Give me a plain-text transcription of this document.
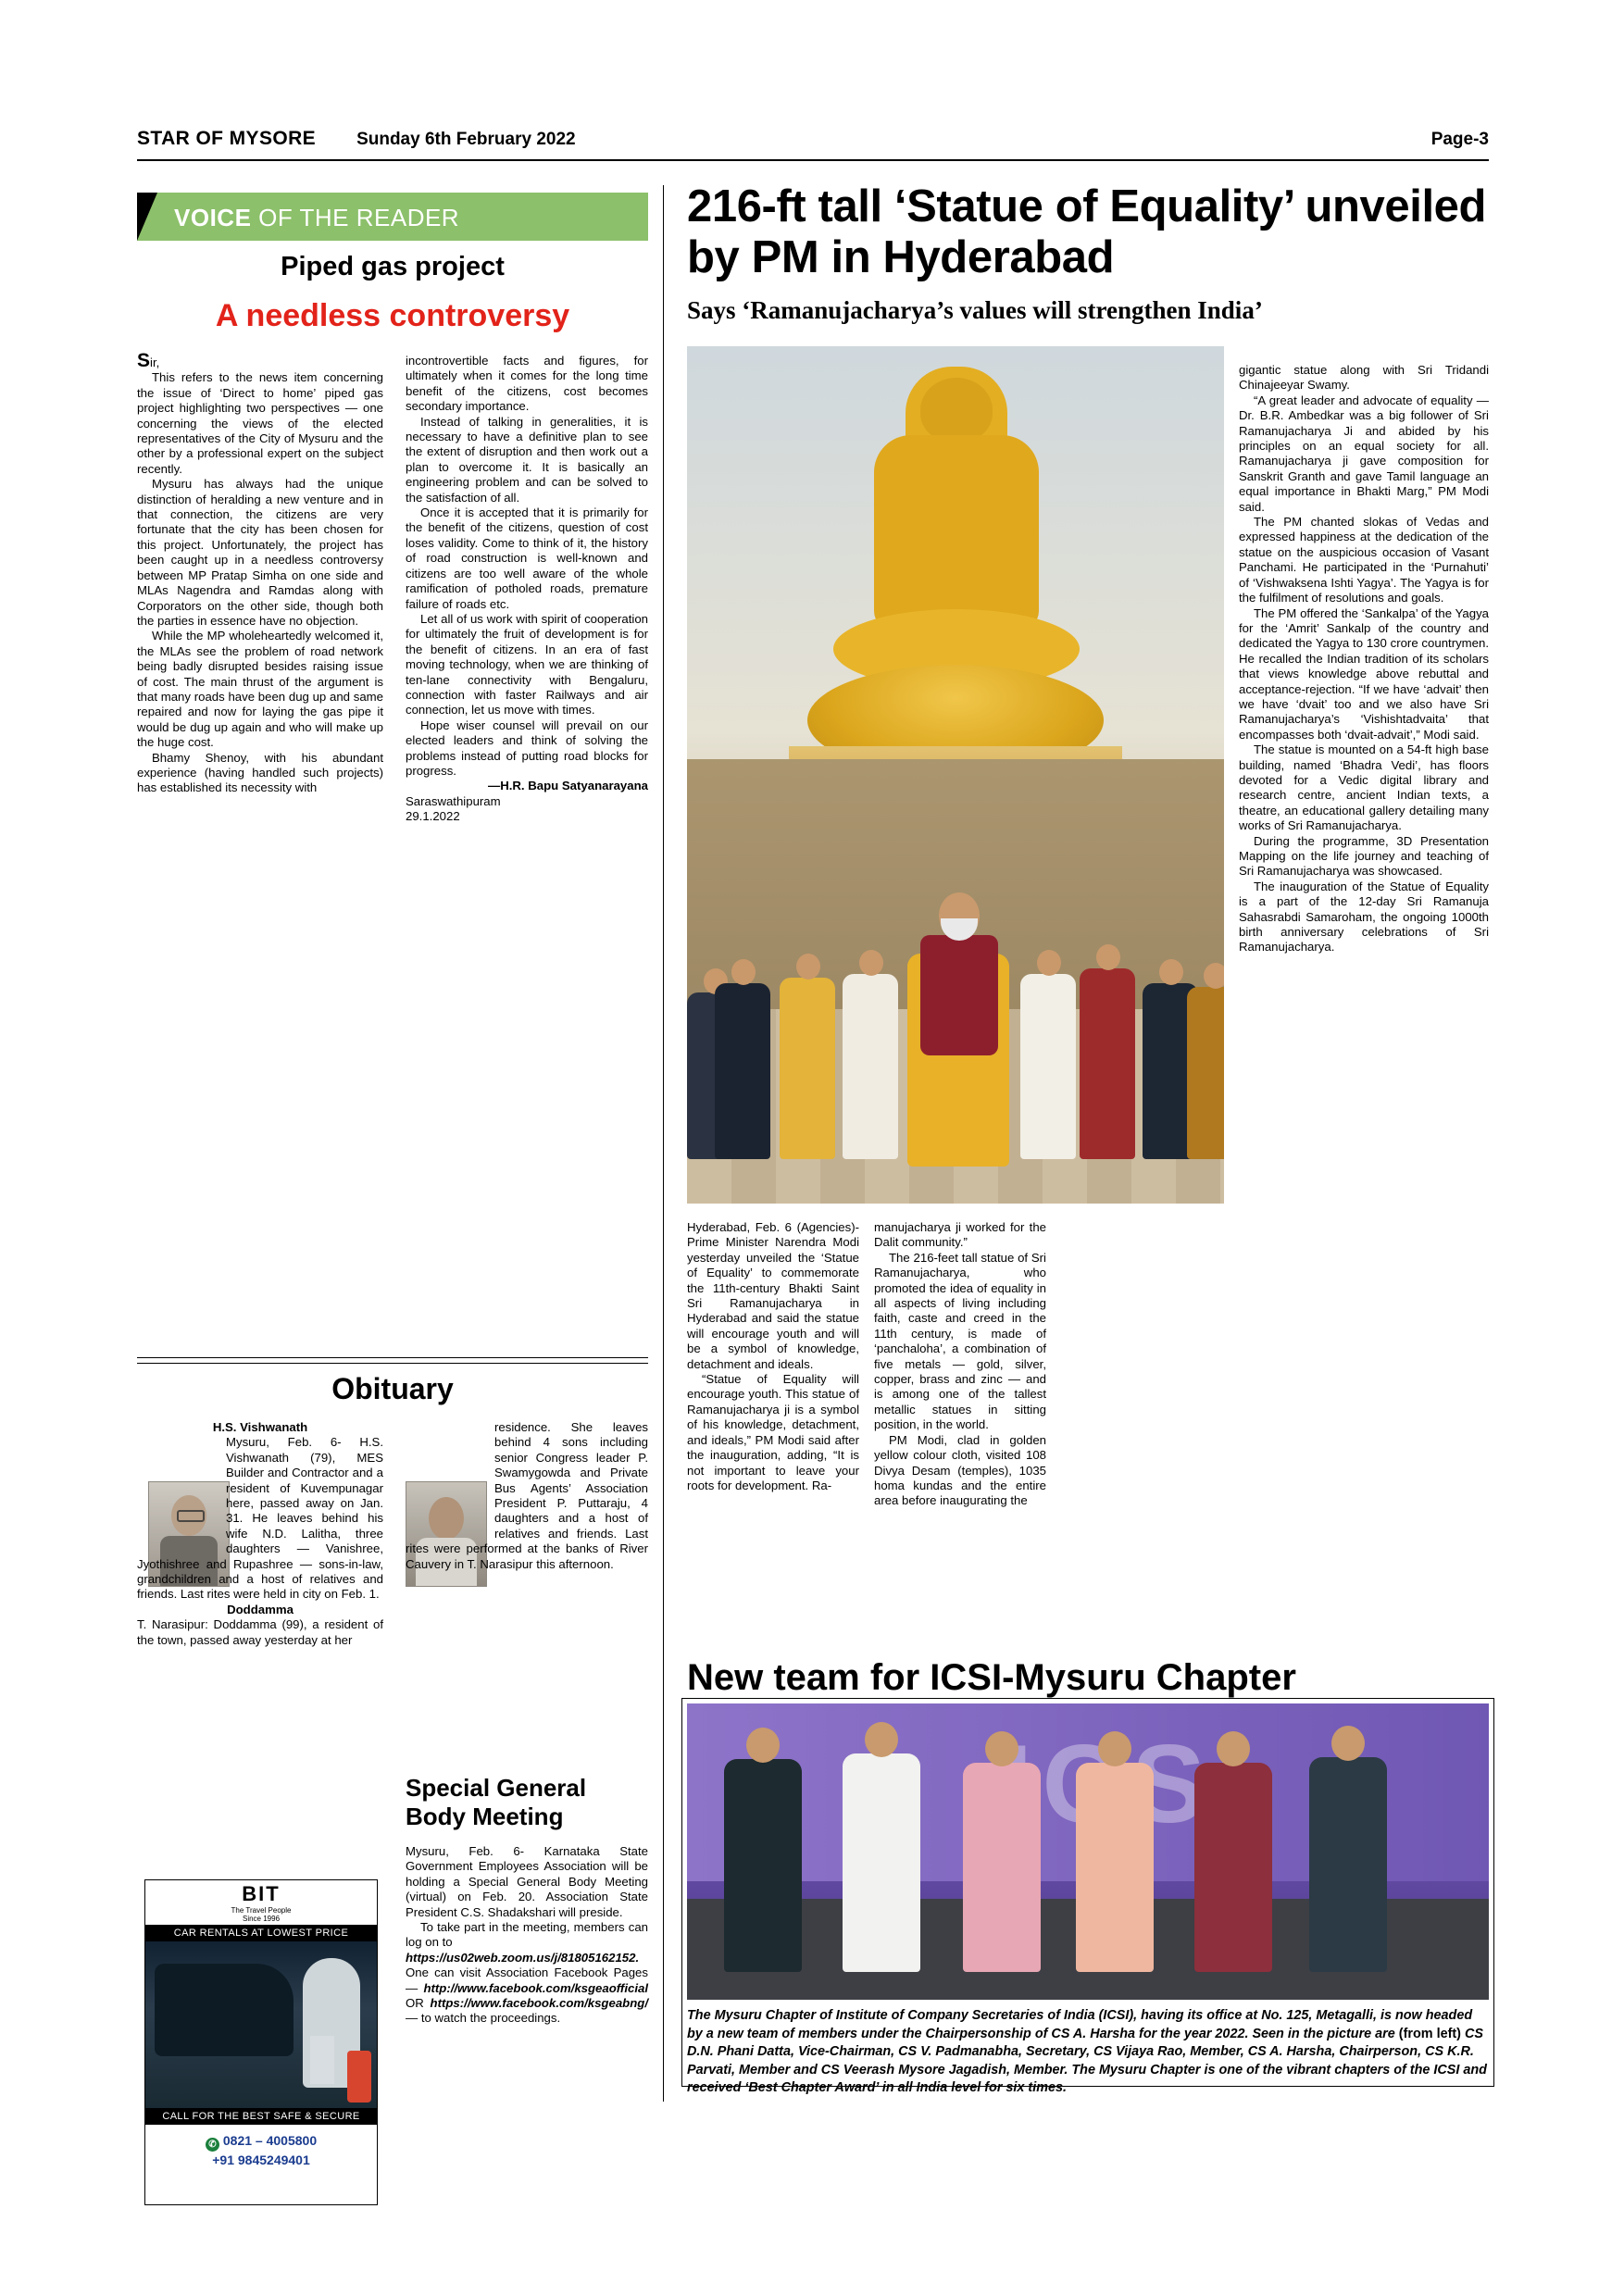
STAR OF MYSORE Sunday 6th February 2022	Page-3
VOICE OF THE READER
Piped gas project
A needless controversy

Sir,

This refers to the news item concerning the issue of ‘Direct to home’ piped gas project highlighting two perspectives — one concerning the views of the elected representatives of the City of Mysuru and the other by a professional expert on the subject recently.

Mysuru has always had the unique distinction of heralding a new venture and in that connection, the citizens are very fortunate that the city has been chosen for this project. Unfortunately, the project has been caught up in a needless controversy between MP Pratap Simha on one side and MLAs Nagendra and Ramdas along with Corporators on the other side, though both the parties in essence have no objection.

While the MP wholeheartedly welcomed it, the MLAs see the problem of road network being badly disrupted besides raising issue of cost. The main thrust of the argument is that many roads have been dug up and same repaired and now for laying the gas pipe it would be dug up again and who will make up the huge cost.

Bhamy Shenoy, with his abundant experience (having handled such projects) has established its necessity with

incontrovertible facts and figures, for ultimately when it comes for the long time benefit of the citizens, cost becomes secondary importance.

Instead of talking in generalities, it is necessary to have a definitive plan to see the extent of disruption and then work out a plan to overcome it. It is basically an engineering problem and can be solved to the satisfaction of all.

Once it is accepted that it is primarily for the benefit of the citizens, question of cost loses validity. Come to think of it, the history of road construction is well-known and citizens are too well aware of the whole ramification of potholed roads, premature failure of roads etc.

Let all of us work with spirit of cooperation for ultimately the fruit of development is for the benefit of citizens. In an era of fast moving technology, when we are thinking of ten-lane connectivity with Bengaluru, connection with faster Railways and air connection, let us move with times.

Hope wiser counsel will prevail on our elected leaders and think of solving the problems instead of putting road blocks for progress.

—H.R. Bapu Satyanarayana

Saraswathipuram

29.1.2022

Obituary

H.S. Vishwanath

Mysuru, Feb. 6- H.S. Vishwanath (79), MES Builder and Contractor and a resident of Kuvempunagar here, passed away on Jan. 31. He leaves behind his wife N.D. Lalitha, three daughters — Vanishree, Jyothishree and Rupashree — sons-in-law, grandchildren and a host of relatives and friends. Last rites were held in city on Feb. 1.

Doddamma

T. Narasipur: Doddamma (99), a resident of the town, passed away yesterday at her

residence. She leaves behind 4 sons including senior Congress leader P. Swamygowda and Private Bus Agents’ Association President P. Puttaraju, 4 daughters and a host of relatives and friends. Last rites were performed at the banks of River Cauvery in T. Narasipur this afternoon.

Special General Body Meeting

Mysuru, Feb. 6- Karnataka State Government Employees Association will be holding a Special General Body Meeting (virtual) on Feb. 20. Association State President C.S. Shadakshari will preside.

To take part in the meeting, members can log on to

https://us02web.zoom.us/j/81805162152. One can visit Association Facebook Pages — http://www.facebook.com/ksgeaofficial OR https://www.facebook.com/ksgeabng/ — to watch the proceedings.

BIT
The Travel People
Since 1996
CAR RENTALS AT LOWEST PRICE
CALL FOR THE BEST SAFE & SECURE
✆ 0821 – 4005800
+91 9845249401
216-ft tall ‘Statue of Equality’ unveiled by PM in Hyderabad
Says ‘Ramanujacharya’s values will strengthen India’

Hyderabad, Feb. 6 (Agencies)- Prime Minister Narendra Modi yesterday unveiled the ‘Statue of Equality’ to commemorate the 11th-century Bhakti Saint Sri Ramanujacharya in Hyderabad and said the statue will encourage youth and will be a symbol of knowledge, detachment and ideals.

“Statue of Equality will encourage youth. This statue of Ramanujacharya ji is a symbol of his knowledge, detachment, and ideals,” PM Modi said after the inauguration, adding, “It is not important to leave your roots for development. Ra-

manujacharya ji worked for the Dalit community.”

The 216-feet tall statue of Sri Ramanujacharya, who promoted the idea of equality in all aspects of living including faith, caste and creed in the 11th century, is made of ‘panchaloha’, a combination of five metals — gold, silver, copper, brass and zinc — and is among one of the tallest metallic statues in sitting position, in the world.

PM Modi, clad in golden yellow colour cloth, visited 108 Divya Desam (temples), 1035 homa kundas and the entire area before inaugurating the

gigantic statue along with Sri Tridandi Chinajeeyar Swamy.

“A great leader and advocate of equality — Dr. B.R. Ambedkar was a big follower of Sri Ramanujacharya Ji and abided by his principles on an equal society for all. Ramanujacharya ji gave composition for Sanskrit Granth and gave Tamil language an equal importance in Bhakti Marg,” PM Modi said.

The PM chanted slokas of Vedas and expressed happiness at the dedication of the statue on the auspicious occasion of Vasant Panchami. He participated in the ‘Purnahuti’ of ‘Vishwaksena Ishti Yagya’. The Yagya is for the fulfilment of resolutions and goals.

The PM offered the ‘Sankalpa’ of the Yagya for the ‘Amrit’ Sankalp of the country and dedicated the Yagya to 130 crore countrymen. He recalled the Indian tradition of its scholars that views knowledge above rebuttal and acceptance-rejection. “If we have ‘advait’ then we have ‘dvait’ too and we also have Sri Ramanujacharya’s ‘Vishishtadvaita’ that encompasses both ‘dvait-advait’,” Modi said.

The statue is mounted on a 54-ft high base building, named ‘Bhadra Vedi’, has floors devoted for a Vedic digital library and research centre, ancient Indian texts, a theatre, an educational gallery detailing many works of Sri Ramanujacharya.

During the programme, 3D Presentation Mapping on the life journey and teaching of Sri Ramanujacharya was showcased.

The inauguration of the Statue of Equality is a part of the 12-day Sri Ramanuja Sahasrabdi Samaroham, the ongoing 1000th birth anniversary celebrations of Sri Ramanujacharya.

New team for ICSI-Mysuru Chapter
The Mysuru Chapter of Institute of Company Secretaries of India (ICSI), having its office at No. 125, Metagalli, is now headed by a new team of members under the Chairpersonship of CS A. Harsha for the year 2022. Seen in the picture are (from left) CS D.N. Phani Datta, Vice-Chairman, CS V. Padmanabha, Secretary, CS Vijaya Rao, Member, CS A. Harsha, Chairperson, CS K.R. Parvati, Member and CS Veerash Mysore Jagadish, Member. The Mysuru Chapter is one of the vibrant chapters of the ICSI and received ‘Best Chapter Award’ in all India level for six times.
